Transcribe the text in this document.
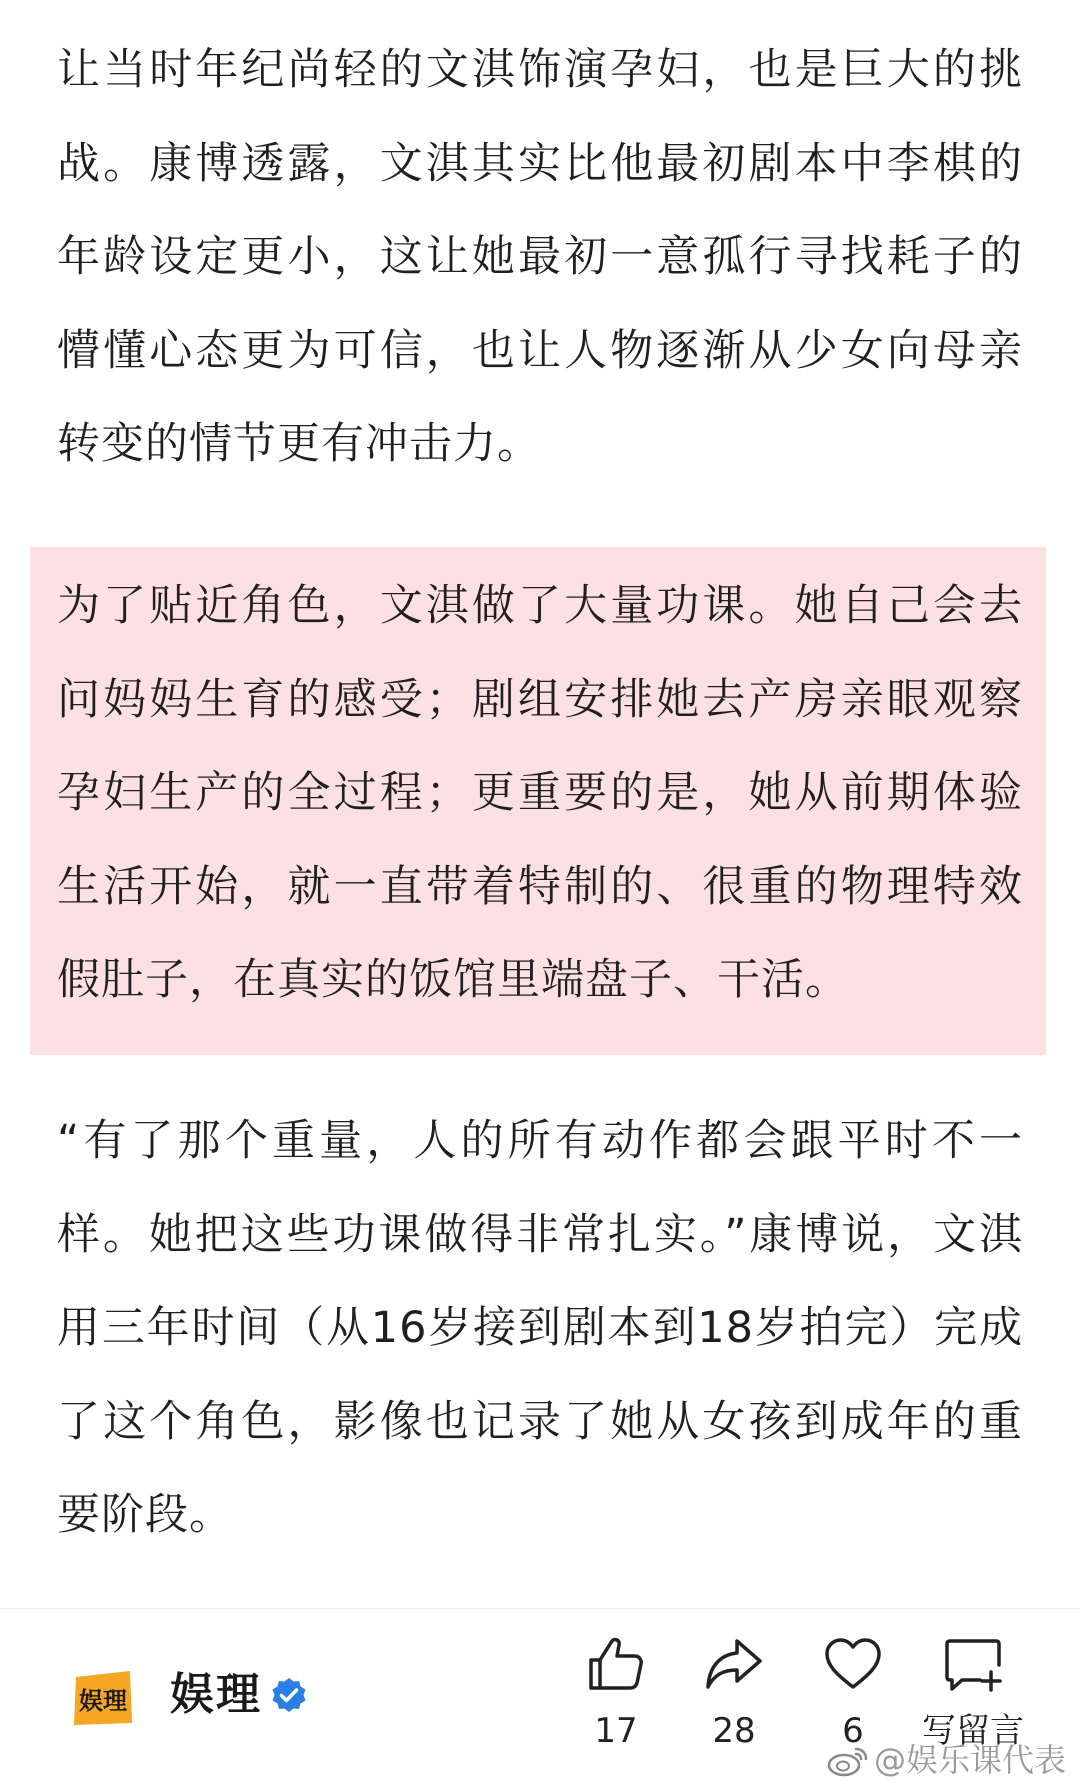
让当时年纪尚轻的文淇饰演孕妇，也是巨大的挑战。康博透露，文淇其实比他最初剧本中李棋的年龄设定更小，这让她最初一意孤行寻找耗子的懵懂心态更为可信，也让人物逐渐从少女向母亲转变的情节更有冲击力。

为了贴近角色，文淇做了大量功课。她自己会去问妈妈生育的感受；剧组安排她去产房亲眼观察孕妇生产的全过程；更重要的是，她从前期体验生活开始，就一直带着特制的、很重的物理特效假肚子，在真实的饭馆里端盘子、干活。

“有了那个重量，人的所有动作都会跟平时不一样。她把这些功课做得非常扎实。”康博说，文淇用三年时间（从16岁接到剧本到18岁拍完）完成了这个角色，影像也记录了她从女孩到成年的重要阶段。

娱理 娱理
17	28	6	写留言
@娱乐课代表
